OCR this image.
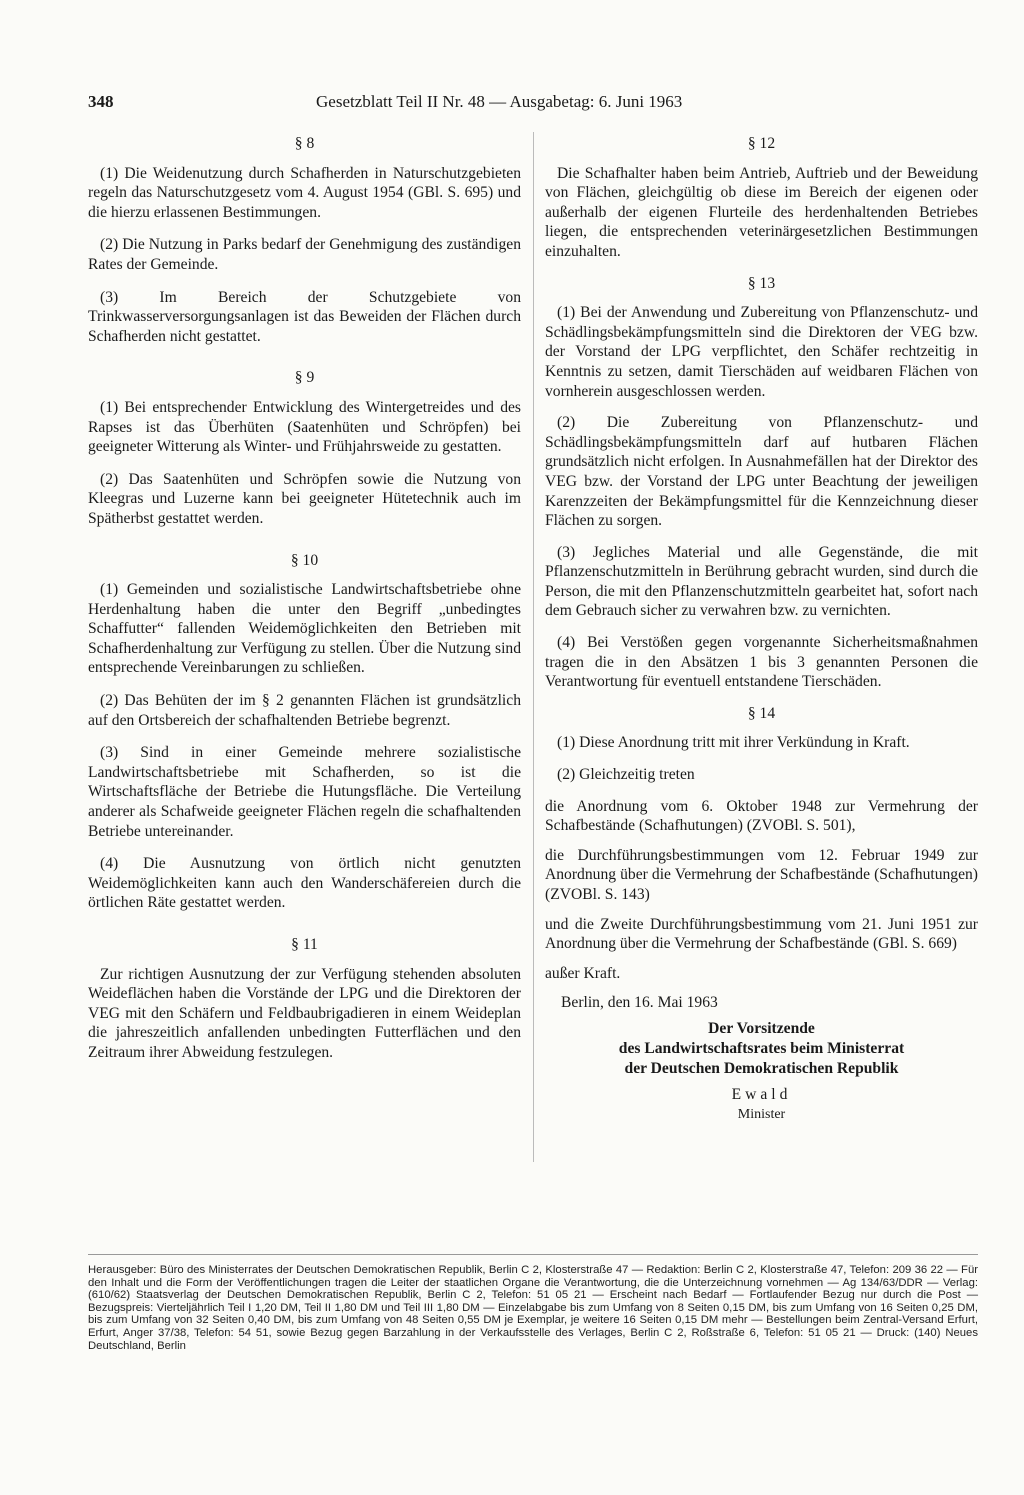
348	Gesetzblatt Teil II Nr. 48 — Ausgabetag: 6. Juni 1963
§ 8

(1) Die Weidenutzung durch Schafherden in Naturschutzgebieten regeln das Naturschutzgesetz vom 4. August 1954 (GBl. S. 695) und die hierzu erlassenen Bestimmungen.

(2) Die Nutzung in Parks bedarf der Genehmigung des zuständigen Rates der Gemeinde.

(3) Im Bereich der Schutzgebiete von Trinkwasserversorgungsanlagen ist das Beweiden der Flächen durch Schafherden nicht gestattet.

§ 9

(1) Bei entsprechender Entwicklung des Wintergetreides und des Rapses ist das Überhüten (Saatenhüten und Schröpfen) bei geeigneter Witterung als Winter- und Frühjahrsweide zu gestatten.

(2) Das Saatenhüten und Schröpfen sowie die Nutzung von Kleegras und Luzerne kann bei geeigneter Hütetechnik auch im Spätherbst gestattet werden.

§ 10

(1) Gemeinden und sozialistische Landwirtschaftsbetriebe ohne Herdenhaltung haben die unter den Begriff „unbedingtes Schaffutter“ fallenden Weidemöglichkeiten den Betrieben mit Schafherdenhaltung zur Verfügung zu stellen. Über die Nutzung sind entsprechende Vereinbarungen zu schließen.

(2) Das Behüten der im § 2 genannten Flächen ist grundsätzlich auf den Ortsbereich der schafhaltenden Betriebe begrenzt.

(3) Sind in einer Gemeinde mehrere sozialistische Landwirtschaftsbetriebe mit Schafherden, so ist die Wirtschaftsfläche der Betriebe die Hutungsfläche. Die Verteilung anderer als Schafweide geeigneter Flächen regeln die schafhaltenden Betriebe untereinander.

(4) Die Ausnutzung von örtlich nicht genutzten Weidemöglichkeiten kann auch den Wanderschäfereien durch die örtlichen Räte gestattet werden.

§ 11

Zur richtigen Ausnutzung der zur Verfügung stehenden absoluten Weideflächen haben die Vorstände der LPG und die Direktoren der VEG mit den Schäfern und Feldbaubrigadieren in einem Weideplan die jahreszeitlich anfallenden unbedingten Futterflächen und den Zeitraum ihrer Abweidung festzulegen.

§ 12

Die Schafhalter haben beim Antrieb, Auftrieb und der Beweidung von Flächen, gleichgültig ob diese im Bereich der eigenen oder außerhalb der eigenen Flurteile des herdenhaltenden Betriebes liegen, die entsprechenden veterinärgesetzlichen Bestimmungen einzuhalten.

§ 13

(1) Bei der Anwendung und Zubereitung von Pflanzenschutz- und Schädlingsbekämpfungsmitteln sind die Direktoren der VEG bzw. der Vorstand der LPG verpflichtet, den Schäfer rechtzeitig in Kenntnis zu setzen, damit Tierschäden auf weidbaren Flächen von vornherein ausgeschlossen werden.

(2) Die Zubereitung von Pflanzenschutz- und Schädlingsbekämpfungsmitteln darf auf hutbaren Flächen grundsätzlich nicht erfolgen. In Ausnahmefällen hat der Direktor des VEG bzw. der Vorstand der LPG unter Beachtung der jeweiligen Karenzzeiten der Bekämpfungsmittel für die Kennzeichnung dieser Flächen zu sorgen.

(3) Jegliches Material und alle Gegenstände, die mit Pflanzenschutzmitteln in Berührung gebracht wurden, sind durch die Person, die mit den Pflanzenschutzmitteln gearbeitet hat, sofort nach dem Gebrauch sicher zu verwahren bzw. zu vernichten.

(4) Bei Verstößen gegen vorgenannte Sicherheitsmaßnahmen tragen die in den Absätzen 1 bis 3 genannten Personen die Verantwortung für eventuell entstandene Tierschäden.

§ 14

(1) Diese Anordnung tritt mit ihrer Verkündung in Kraft.

(2) Gleichzeitig treten

die Anordnung vom 6. Oktober 1948 zur Vermehrung der Schafbestände (Schafhutungen) (ZVOBl. S. 501),

die Durchführungsbestimmungen vom 12. Februar 1949 zur Anordnung über die Vermehrung der Schafbestände (Schafhutungen) (ZVOBl. S. 143)

und die Zweite Durchführungsbestimmung vom 21. Juni 1951 zur Anordnung über die Vermehrung der Schafbestände (GBl. S. 669)

außer Kraft.

Berlin, den 16. Mai 1963
Der Vorsitzende
des Landwirtschaftsrates beim Ministerrat
der Deutschen Demokratischen Republik
Ewald
Minister
Herausgeber: Büro des Ministerrates der Deutschen Demokratischen Republik, Berlin C 2, Klosterstraße 47 — Redaktion: Berlin C 2, Klosterstraße 47, Telefon: 209 36 22 — Für den Inhalt und die Form der Veröffentlichungen tragen die Leiter der staatlichen Organe die Verantwortung, die die Unterzeichnung vornehmen — Ag 134/63/DDR — Verlag: (610/62) Staatsverlag der Deutschen Demokratischen Republik, Berlin C 2, Telefon: 51 05 21 — Erscheint nach Bedarf — Fortlaufender Bezug nur durch die Post — Bezugspreis: Vierteljährlich Teil I 1,20 DM, Teil II 1,80 DM und Teil III 1,80 DM — Einzelabgabe bis zum Umfang von 8 Seiten 0,15 DM, bis zum Umfang von 16 Seiten 0,25 DM, bis zum Umfang von 32 Seiten 0,40 DM, bis zum Umfang von 48 Seiten 0,55 DM je Exemplar, je weitere 16 Seiten 0,15 DM mehr — Bestellungen beim Zentral-Versand Erfurt, Erfurt, Anger 37/38, Telefon: 54 51, sowie Bezug gegen Barzahlung in der Verkaufsstelle des Verlages, Berlin C 2, Roßstraße 6, Telefon: 51 05 21 — Druck: (140) Neues Deutschland, Berlin
